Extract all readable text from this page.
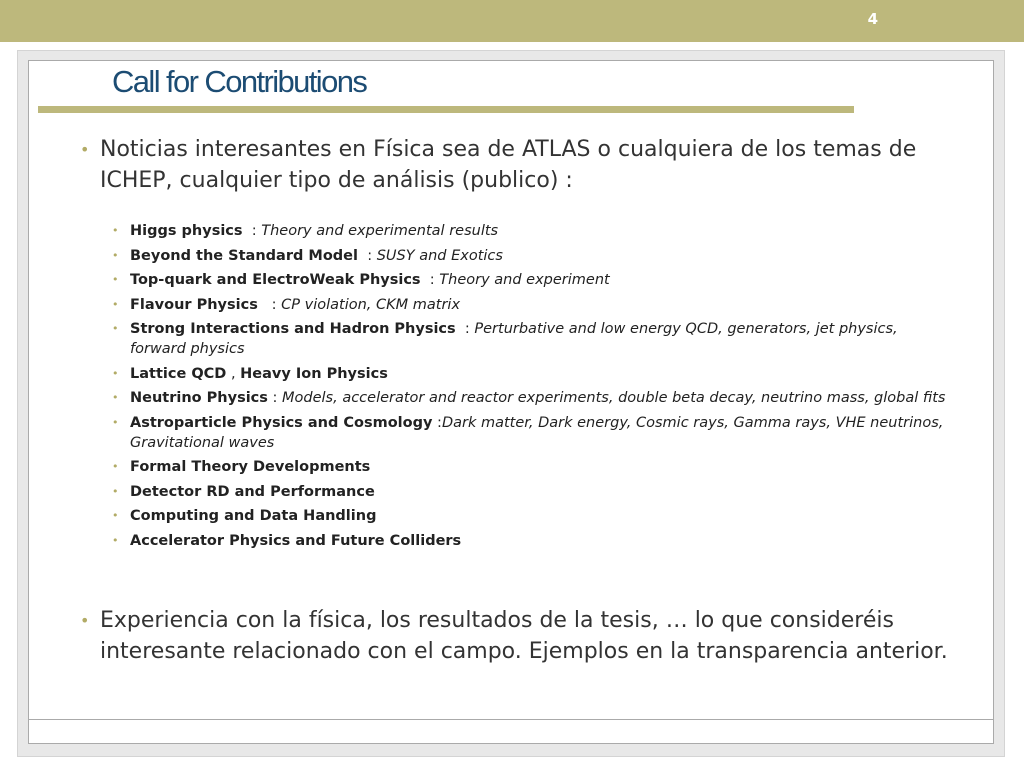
4
Call for Contributions
• Noticias interesantes en Física sea de ATLAS o cualquiera de los temas de ICHEP, cualquier tipo de análisis (publico) :
• Higgs physics  : Theory and experimental results
• Beyond the Standard Model  : SUSY and Exotics
• Top-quark and ElectroWeak Physics  : Theory and experiment
• Flavour Physics   : CP violation, CKM matrix
• Strong Interactions and Hadron Physics  : Perturbative and low energy QCD, generators, jet physics, forward physics
• Lattice QCD , Heavy Ion Physics
• Neutrino Physics : Models, accelerator and reactor experiments, double beta decay, neutrino mass, global fits
• Astroparticle Physics and Cosmology :Dark matter, Dark energy, Cosmic rays, Gamma rays, VHE neutrinos, Gravitational waves
• Formal Theory Developments
• Detector RD and Performance
• Computing and Data Handling
• Accelerator Physics and Future Colliders
• Experiencia con la física, los resultados de la tesis, … lo que consideréis interesante relacionado con el campo. Ejemplos en la transparencia anterior.
